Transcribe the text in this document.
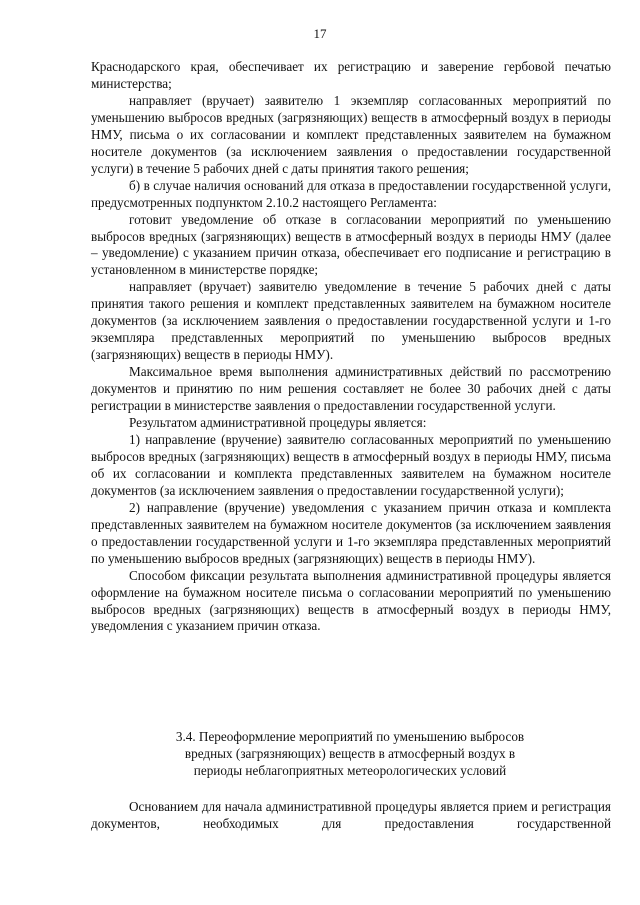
17

Краснодарского края, обеспечивает их регистрацию и заверение гербовой печатью министерства;

направляет (вручает) заявителю 1 экземпляр согласованных мероприятий по уменьшению выбросов вредных (загрязняющих) веществ в атмосферный воздух в периоды НМУ, письма о их согласовании и комплект представленных заявителем на бумажном носителе документов (за исключением заявления о предоставлении государственной услуги) в течение 5 рабочих дней с даты принятия такого решения;

б) в случае наличия оснований для отказа в предоставлении государственной услуги, предусмотренных подпунктом 2.10.2 настоящего Регламента:

готовит уведомление об отказе в согласовании мероприятий по уменьшению выбросов вредных (загрязняющих) веществ в атмосферный воздух в периоды НМУ (далее – уведомление) с указанием причин отказа, обеспечивает его подписание и регистрацию в установленном в министерстве порядке;

направляет (вручает) заявителю уведомление в течение 5 рабочих дней с даты принятия такого решения и комплект представленных заявителем на бумажном носителе документов (за исключением заявления о предоставлении государственной услуги и 1-го экземпляра представленных мероприятий по уменьшению выбросов вредных (загрязняющих) веществ в периоды НМУ).

Максимальное время выполнения административных действий по рассмотрению документов и принятию по ним решения составляет не более 30 рабочих дней с даты регистрации в министерстве заявления о предоставлении государственной услуги.

Результатом административной процедуры является:

1) направление (вручение) заявителю согласованных мероприятий по уменьшению выбросов вредных (загрязняющих) веществ в атмосферный воздух в периоды НМУ, письма об их согласовании и комплекта представленных заявителем на бумажном носителе документов (за исключением заявления о предоставлении государственной услуги);

2) направление (вручение) уведомления с указанием причин отказа и комплекта представленных заявителем на бумажном носителе документов (за исключением заявления о предоставлении государственной услуги и 1-го экземпляра представленных мероприятий по уменьшению выбросов вредных (загрязняющих) веществ в периоды НМУ).

Способом фиксации результата выполнения административной процедуры является оформление на бумажном носителе письма о согласовании мероприятий по уменьшению выбросов вредных (загрязняющих) веществ в атмосферный воздух в периоды НМУ, уведомления с указанием причин отказа.

3.4. Переоформление мероприятий по уменьшению выбросов
вредных (загрязняющих) веществ в атмосферный воздух в
периоды неблагоприятных метеорологических условий

Основанием для начала административной процедуры является прием и регистрация документов, необходимых для предоставления государственной
